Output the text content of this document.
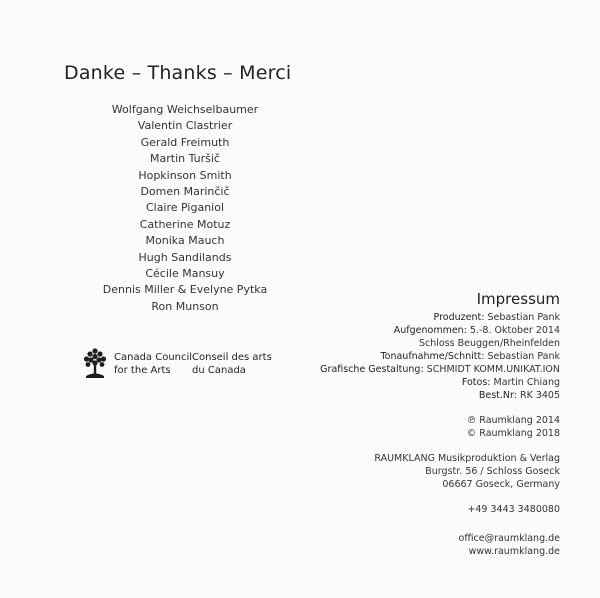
Danke – Thanks – Merci
Wolfgang Weichselbaumer
Valentin Clastrier
Gerald Freimuth
Martin Turšič
Hopkinson Smith
Domen Marinčič
Claire Piganiol
Catherine Motuz
Monika Mauch
Hugh Sandilands
Cécile Mansuy
Dennis Miller & Evelyne Pytka
Ron Munson
Canada Council
for the Arts
Conseil des arts
du Canada
Impressum

Produzent: Sebastian Pank

Aufgenommen: 5.-8. Oktober 2014

Schloss Beuggen/Rheinfelden

Tonaufnahme/Schnitt: Sebastian Pank

Grafische Gestaltung: SCHMIDT KOMM.UNIKAT.ION

Fotos: Martin Chiang

Best.Nr: RK 3405

℗ Raumklang 2014

© Raumklang 2018

RAUMKLANG Musikproduktion & Verlag

Burgstr. 56 / Schloss Goseck

06667 Goseck, Germany

+49 3443 3480080

office@raumklang.de

www.raumklang.de
